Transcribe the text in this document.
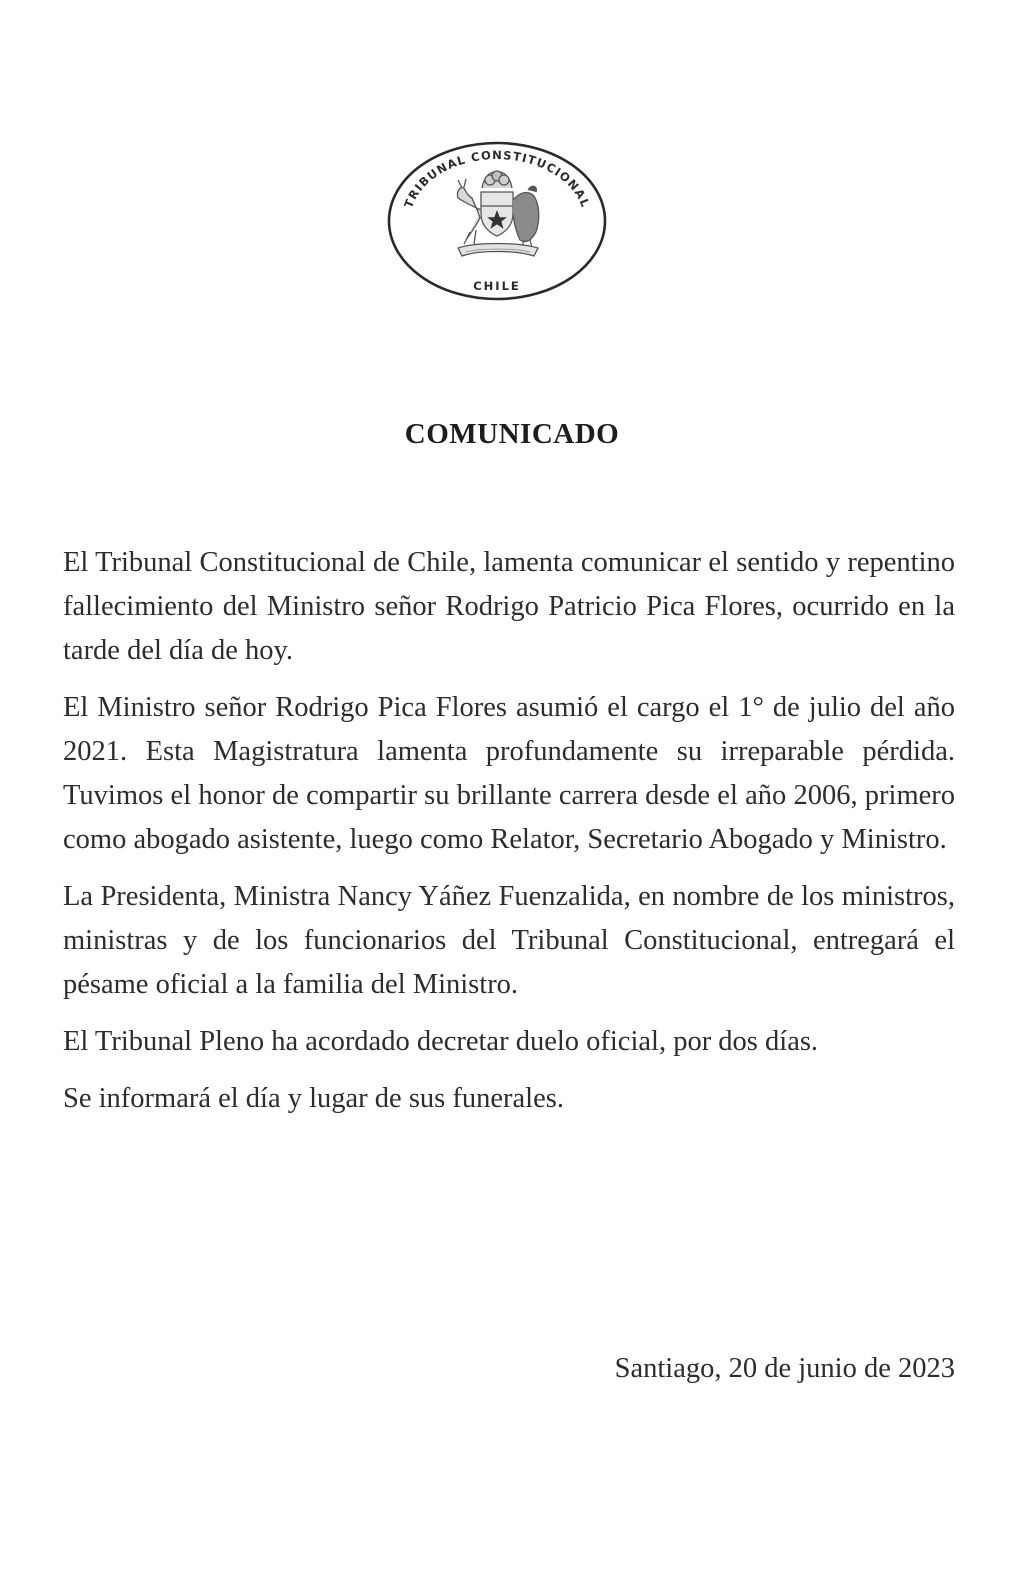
TRIBUNAL CONSTITUCIONAL
CHILE
COMUNICADO

El Tribunal Constitucional de Chile, lamenta comunicar el sentido y repentino fallecimiento del Ministro señor Rodrigo Patricio Pica Flores, ocurrido en la tarde del día de hoy.

El Ministro señor Rodrigo Pica Flores asumió el cargo el 1° de julio del año 2021. Esta Magistratura lamenta profundamente su irreparable pérdida. Tuvimos el honor de compartir su brillante carrera desde el año 2006, primero como abogado asistente, luego como Relator, Secretario Abogado y Ministro.

La Presidenta, Ministra Nancy Yáñez Fuenzalida, en nombre de los ministros, ministras y de los funcionarios del Tribunal Constitucional, entregará el pésame oficial a la familia del Ministro.

El Tribunal Pleno ha acordado decretar duelo oficial, por dos días.

Se informará el día y lugar de sus funerales.

Santiago, 20 de junio de 2023
